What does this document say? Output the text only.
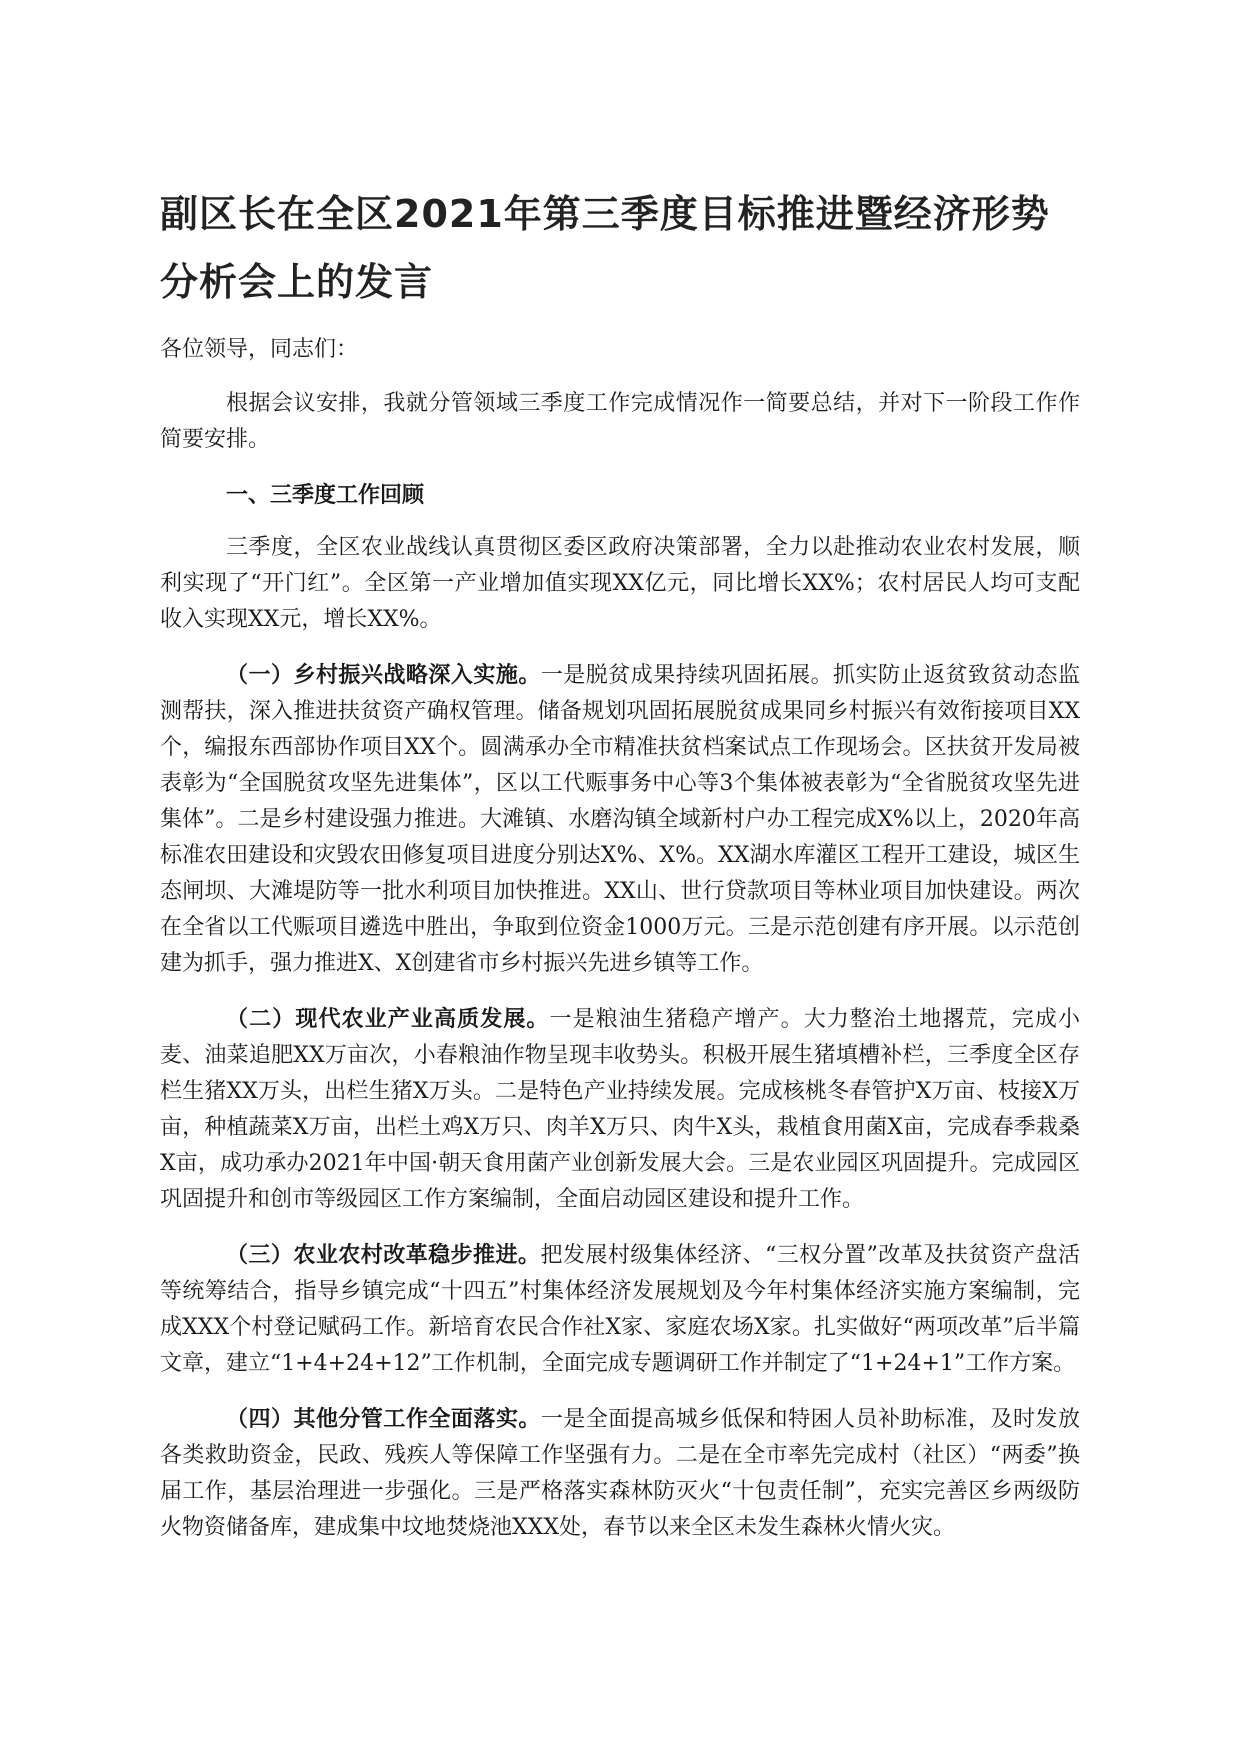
副区长在全区2021年第三季度目标推进暨经济形势分析会上的发言
各位领导，同志们：

根据会议安排，我就分管领域三季度工作完成情况作一简要总结，并对下一阶段工作作简要安排。

一、三季度工作回顾

三季度，全区农业战线认真贯彻区委区政府决策部署，全力以赴推动农业农村发展，顺利实现了“开门红”。全区第一产业增加值实现XX亿元，同比增长XX%；农村居民人均可支配收入实现XX元，增长XX%。

（一）乡村振兴战略深入实施。一是脱贫成果持续巩固拓展。抓实防止返贫致贫动态监测帮扶，深入推进扶贫资产确权管理。储备规划巩固拓展脱贫成果同乡村振兴有效衔接项目XX个，编报东西部协作项目XX个。圆满承办全市精准扶贫档案试点工作现场会。区扶贫开发局被表彰为“全国脱贫攻坚先进集体”，区以工代赈事务中心等3个集体被表彰为“全省脱贫攻坚先进集体”。二是乡村建设强力推进。大滩镇、水磨沟镇全域新村户办工程完成X%以上，2020年高标准农田建设和灾毁农田修复项目进度分别达X%、X%。XX湖水库灌区工程开工建设，城区生态闸坝、大滩堤防等一批水利项目加快推进。XX山、世行贷款项目等林业项目加快建设。两次在全省以工代赈项目遴选中胜出，争取到位资金1000万元。三是示范创建有序开展。以示范创建为抓手，强力推进X、X创建省市乡村振兴先进乡镇等工作。

（二）现代农业产业高质发展。一是粮油生猪稳产增产。大力整治土地撂荒，完成小麦、油菜追肥XX万亩次，小春粮油作物呈现丰收势头。积极开展生猪填槽补栏，三季度全区存栏生猪XX万头，出栏生猪X万头。二是特色产业持续发展。完成核桃冬春管护X万亩、枝接X万亩，种植蔬菜X万亩，出栏土鸡X万只、肉羊X万只、肉牛X头，栽植食用菌X亩，完成春季栽桑X亩，成功承办2021年中国·朝天食用菌产业创新发展大会。三是农业园区巩固提升。完成园区巩固提升和创市等级园区工作方案编制，全面启动园区建设和提升工作。

（三）农业农村改革稳步推进。把发展村级集体经济、“三权分置”改革及扶贫资产盘活等统筹结合，指导乡镇完成“十四五”村集体经济发展规划及今年村集体经济实施方案编制，完成XXX个村登记赋码工作。新培育农民合作社X家、家庭农场X家。扎实做好“两项改革”后半篇文章，建立“1+4+24+12”工作机制，全面完成专题调研工作并制定了“1+24+1”工作方案。

（四）其他分管工作全面落实。一是全面提高城乡低保和特困人员补助标准，及时发放各类救助资金，民政、残疾人等保障工作坚强有力。二是在全市率先完成村（社区）“两委”换届工作，基层治理进一步强化。三是严格落实森林防灭火“十包责任制”，充实完善区乡两级防火物资储备库，建成集中坟地焚烧池XXX处，春节以来全区未发生森林火情火灾。
